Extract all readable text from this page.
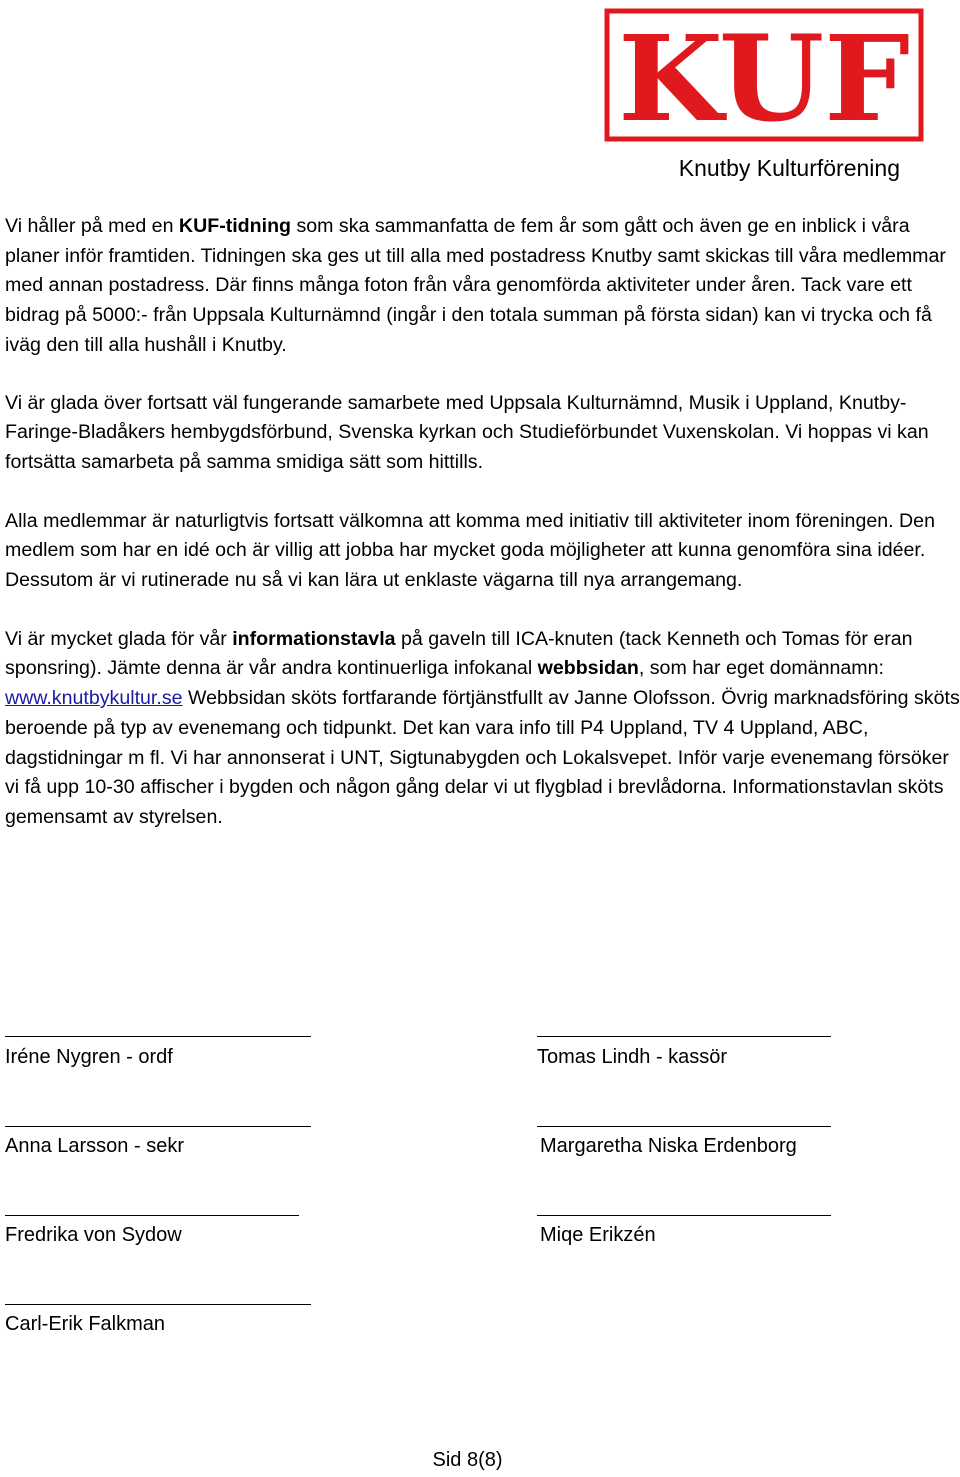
KUF
Knutby Kulturförening

Vi håller på med en KUF-tidning som ska sammanfatta de fem år som gått och även ge en inblick i våra planer inför framtiden. Tidningen ska ges ut till alla med postadress Knutby samt skickas till våra medlemmar med annan postadress. Där finns många foton från våra genomförda aktiviteter under åren. Tack vare ett bidrag på 5000:- från Uppsala Kulturnämnd (ingår i den totala summan på första sidan) kan vi trycka och få iväg den till alla hushåll i Knutby.

Vi är glada över fortsatt väl fungerande samarbete med Uppsala Kulturnämnd, Musik i Uppland, Knutby-Faringe-Bladåkers hembygdsförbund, Svenska kyrkan och Studieförbundet Vuxenskolan. Vi hoppas vi kan fortsätta samarbeta på samma smidiga sätt som hittills.

Alla medlemmar är naturligtvis fortsatt välkomna att komma med initiativ till aktiviteter inom föreningen. Den medlem som har en idé och är villig att jobba har mycket goda möjligheter att kunna genomföra sina idéer. Dessutom är vi rutinerade nu så vi kan lära ut enklaste vägarna till nya arrangemang.

Vi är mycket glada för vår informationstavla på gaveln till ICA-knuten (tack Kenneth och Tomas för eran sponsring). Jämte denna är vår andra kontinuerliga infokanal webbsidan, som har eget domännamn: www.knutbykultur.se Webbsidan sköts fortfarande förtjänstfullt av Janne Olofsson. Övrig marknadsföring sköts beroende på typ av evenemang och tidpunkt. Det kan vara info till P4 Uppland, TV 4 Uppland, ABC, dagstidningar m fl. Vi har annonserat i UNT, Sigtunabygden och Lokalsvepet. Inför varje evenemang försöker vi få upp 10-30 affischer i bygden och någon gång delar vi ut flygblad i brevlådorna. Informationstavlan sköts gemensamt av styrelsen.

Iréne Nygren - ordf	Tomas Lindh - kassör
Anna Larsson - sekr	Margaretha Niska Erdenborg
Fredrika von Sydow	Miqe Erikzén
Carl-Erik Falkman
Sid 8(8)
